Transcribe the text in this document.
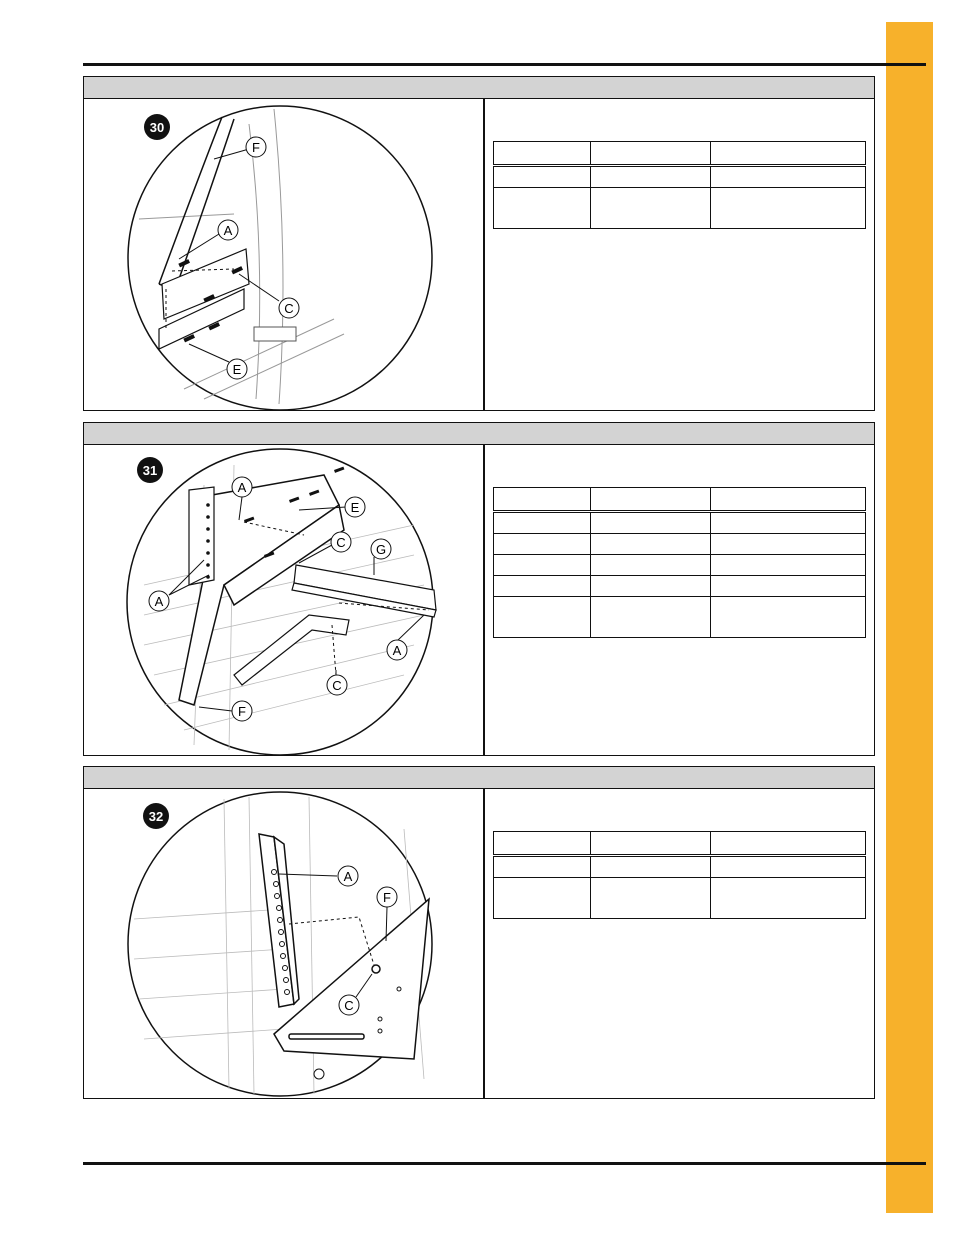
F
A
C
E
30

A
E
C G
A
A
C
F
31

A
F
C
32
